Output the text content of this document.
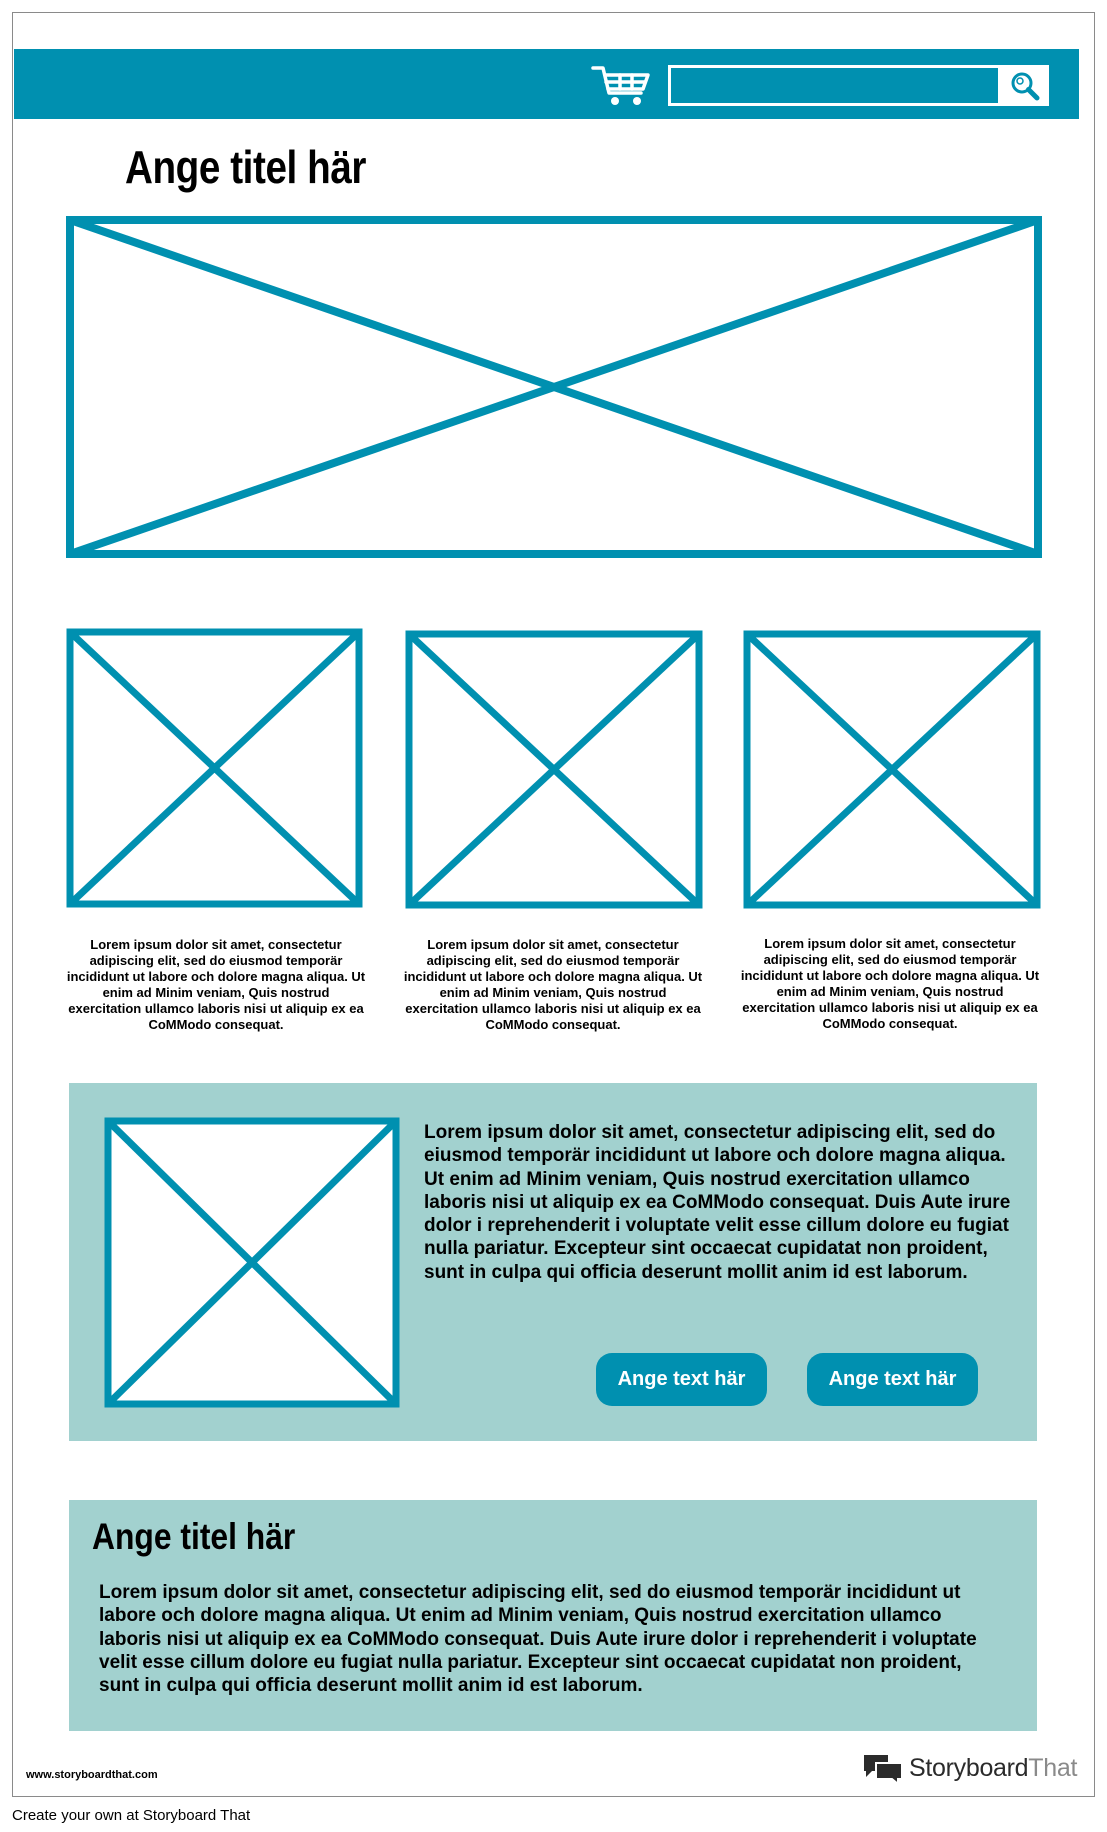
Ange titel här
Lorem ipsum dolor sit amet, consectetur adipiscing elit, sed do eiusmod temporär incididunt ut labore och dolore magna aliqua. Ut enim ad Minim veniam, Quis nostrud exercitation ullamco laboris nisi ut aliquip ex ea CoMModo consequat.
Lorem ipsum dolor sit amet, consectetur adipiscing elit, sed do eiusmod temporär incididunt ut labore och dolore magna aliqua. Ut enim ad Minim veniam, Quis nostrud exercitation ullamco laboris nisi ut aliquip ex ea CoMModo consequat.
Lorem ipsum dolor sit amet, consectetur adipiscing elit, sed do eiusmod temporär incididunt ut labore och dolore magna aliqua. Ut enim ad Minim veniam, Quis nostrud exercitation ullamco laboris nisi ut aliquip ex ea CoMModo consequat.
Lorem ipsum dolor sit amet, consectetur adipiscing elit, sed do eiusmod temporär incididunt ut labore och dolore magna aliqua. Ut enim ad Minim veniam, Quis nostrud exercitation ullamco laboris nisi ut aliquip ex ea CoMModo consequat. Duis Aute irure dolor i reprehenderit i voluptate velit esse cillum dolore eu fugiat nulla pariatur. Excepteur sint occaecat cupidatat non proident, sunt in culpa qui officia deserunt mollit anim id est laborum.
Ange text här	Ange text här
Ange titel här
Lorem ipsum dolor sit amet, consectetur adipiscing elit, sed do eiusmod temporär incididunt ut labore och dolore magna aliqua. Ut enim ad Minim veniam, Quis nostrud exercitation ullamco laboris nisi ut aliquip ex ea CoMModo consequat. Duis Aute irure dolor i reprehenderit i voluptate velit esse cillum dolore eu fugiat nulla pariatur. Excepteur sint occaecat cupidatat non proident, sunt in culpa qui officia deserunt mollit anim id est laborum.
www.storyboardthat.com	StoryboardThat
Create your own at Storyboard That
